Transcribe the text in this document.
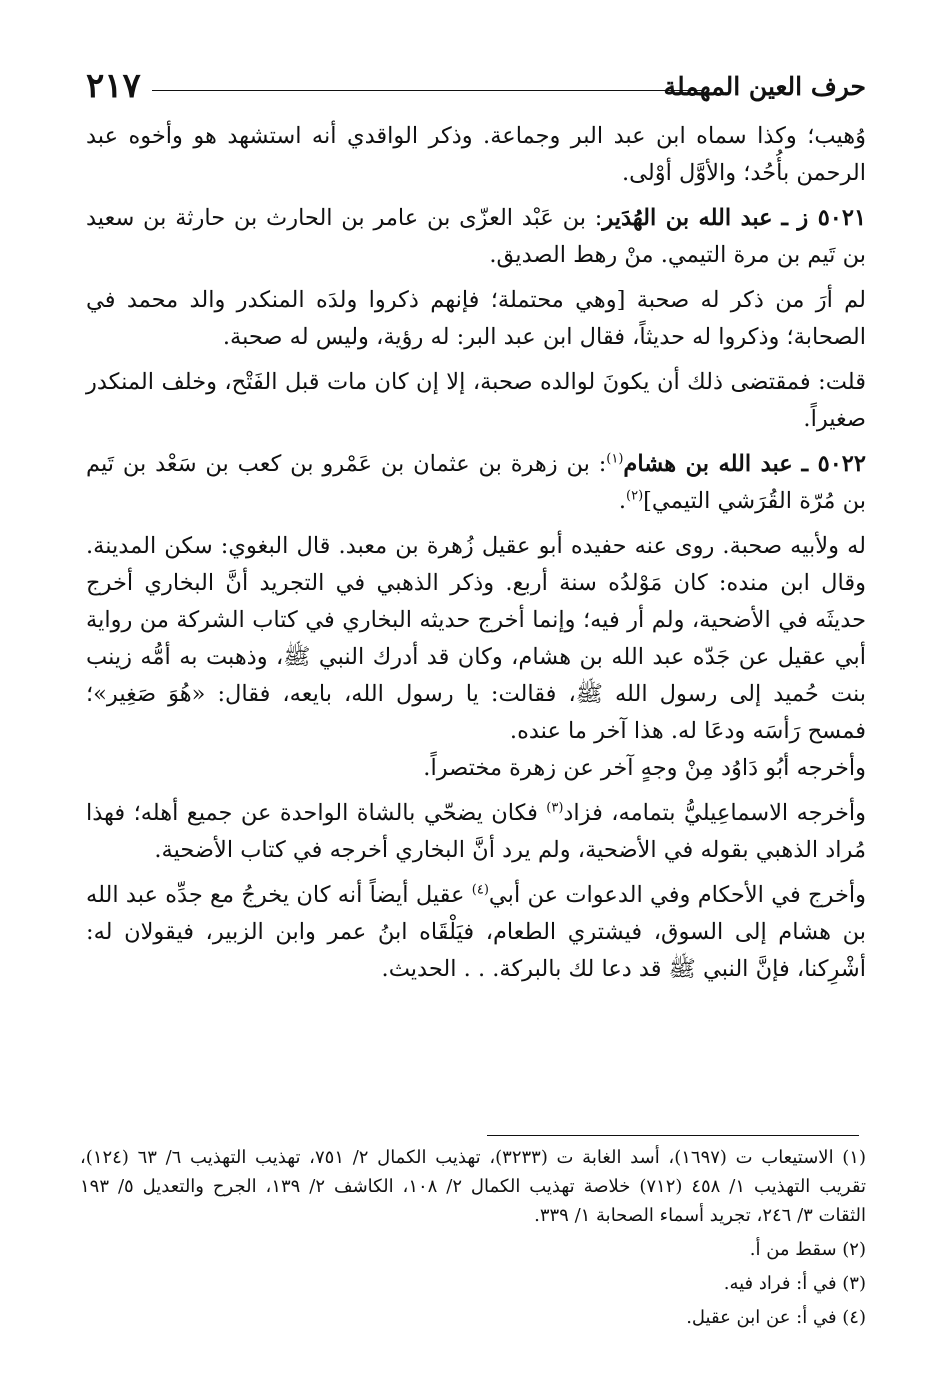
٢١٧	حرف العين المهملة

وُهيب؛ وكذا سماه ابن عبد البر وجماعة. وذكر الواقدي أنه استشهد هو وأخوه عبد الرحمن بأُحُد؛ والأوَّل أوْلى.

٥٠٢١ ز ـ عبد الله بن الهُدَير: بن عَبْد العزّى بن عامر بن الحارث بن حارثة بن سعيد بن تَيم بن مرة التيمي. منْ رهط الصديق.

لم أرَ من ذكر له صحبة [وهي محتملة؛ فإنهم ذكروا ولدَه المنكدر والد محمد في الصحابة؛ وذكروا له حديثاً، فقال ابن عبد البر: له رؤية، وليس له صحبة.

قلت: فمقتضى ذلك أن يكونَ لوالده صحبة، إلا إن كان مات قبل الفَتْح، وخلف المنكدر صغيراً.

٥٠٢٢ ـ عبد الله بن هشام$^{(١)}$: بن زهرة بن عثمان بن عَمْرو بن كعب بن سَعْد بن تَيم بن مُرّة القُرَشي التيمي]$^{(٢)}$.

له ولأبيه صحبة. روى عنه حفيده أبو عقيل زُهرة بن معبد. قال البغوي: سكن المدينة. وقال ابن منده: كان مَوْلدُه سنة أربع. وذكر الذهبي في التجريد أنَّ البخاري أخرج حديثَه في الأضحية، ولم أر فيه؛ وإنما أخرج حديثه البخاري في كتاب الشركة من رواية أبي عقيل عن جَدّه عبد الله بن هشام، وكان قد أدرك النبي ﷺ، وذهبت به أمُّه زينب بنت حُميد إلى رسول الله ﷺ، فقالت: يا رسول الله، بايعه، فقال: «هُوَ صَغِير»؛ فمسح رَأسَه ودعَا له. هذا آخر ما عنده.

وأخرجه أبُو دَاوُد مِنْ وجهٍ آخر عن زهرة مختصراً.

وأخرجه الاسماعِيليُّ بتمامه، فزاد$^{(٣)}$ فكان يضحّي بالشاة الواحدة عن جميع أهله؛ فهذا مُراد الذهبي بقوله في الأضحية، ولم يرد أنَّ البخاري أخرجه في كتاب الأضحية.

وأخرج في الأحكام وفي الدعوات عن أبي$^{(٤)}$ عقيل أيضاً أنه كان يخرجُ مع جدِّه عبد الله بن هشام إلى السوق، فيشتري الطعام، فيَلْقَاه ابنُ عمر وابن الزبير، فيقولان له: أشْرِكنا، فإنَّ النبي ﷺ قد دعا لك بالبركة. . . الحديث.

(١) الاستيعاب ت (١٦٩٧)، أسد الغابة ت (٣٢٣٣)، تهذيب الكمال ٢/ ٧٥١، تهذيب التهذيب ٦/ ٦٣ (١٢٤)، تقريب التهذيب ١/ ٤٥٨ (٧١٢) خلاصة تهذيب الكمال ٢/ ١٠٨، الكاشف ٢/ ١٣٩، الجرح والتعديل ٥/ ١٩٣ الثقات ٣/ ٢٤٦، تجريد أسماء الصحابة ١/ ٣٣٩.

(٢) سقط من أ.

(٣) في أ: فراد فيه.

(٤) في أ: عن ابن عقيل.
